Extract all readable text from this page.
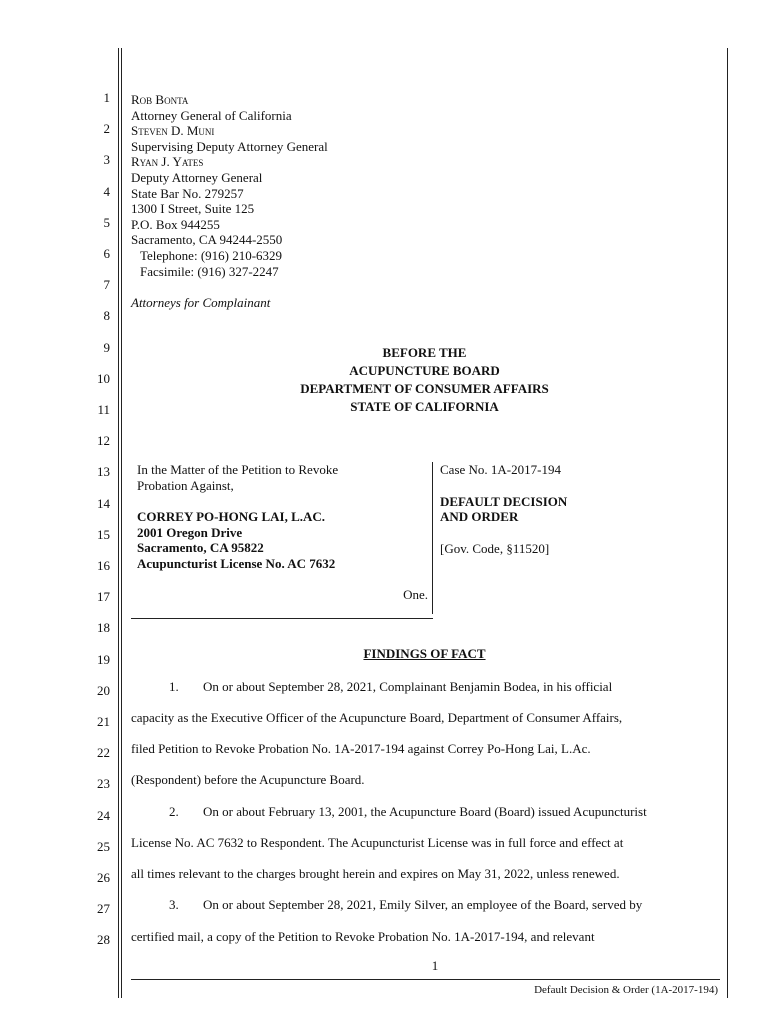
1
2
3
4
5
6
7
8
9
10
11
12
13
14
15
16
17
18
19
20
21
22
23
24
25
26
27
28
Rob Bonta
Attorney General of California
Steven D. Muni
Supervising Deputy Attorney General
Ryan J. Yates
Deputy Attorney General
State Bar No. 279257
1300 I Street, Suite 125
P.O. Box 944255
Sacramento, CA 94244-2550
Telephone: (916) 210-6329
Facsimile: (916) 327-2247
Attorneys for Complainant
BEFORE THE
ACUPUNCTURE BOARD
DEPARTMENT OF CONSUMER AFFAIRS
STATE OF CALIFORNIA
In the Matter of the Petition to Revoke
Probation Against,
CORREY PO-HONG LAI, L.AC.
2001 Oregon Drive
Sacramento, CA 95822
Acupuncturist License No. AC 7632
One.
Case No. 1A-2017-194
DEFAULT DECISION
AND ORDER
[Gov. Code, §11520]
FINDINGS OF FACT
1. On or about September 28, 2021, Complainant Benjamin Bodea, in his official
capacity as the Executive Officer of the Acupuncture Board, Department of Consumer Affairs,
filed Petition to Revoke Probation No. 1A-2017-194 against Correy Po-Hong Lai, L.Ac.
(Respondent) before the Acupuncture Board.
2. On or about February 13, 2001, the Acupuncture Board (Board) issued Acupuncturist
License No. AC 7632 to Respondent. The Acupuncturist License was in full force and effect at
all times relevant to the charges brought herein and expires on May 31, 2022, unless renewed.
3. On or about September 28, 2021, Emily Silver, an employee of the Board, served by
certified mail, a copy of the Petition to Revoke Probation No. 1A-2017-194, and relevant
1
Default Decision & Order (1A-2017-194)
